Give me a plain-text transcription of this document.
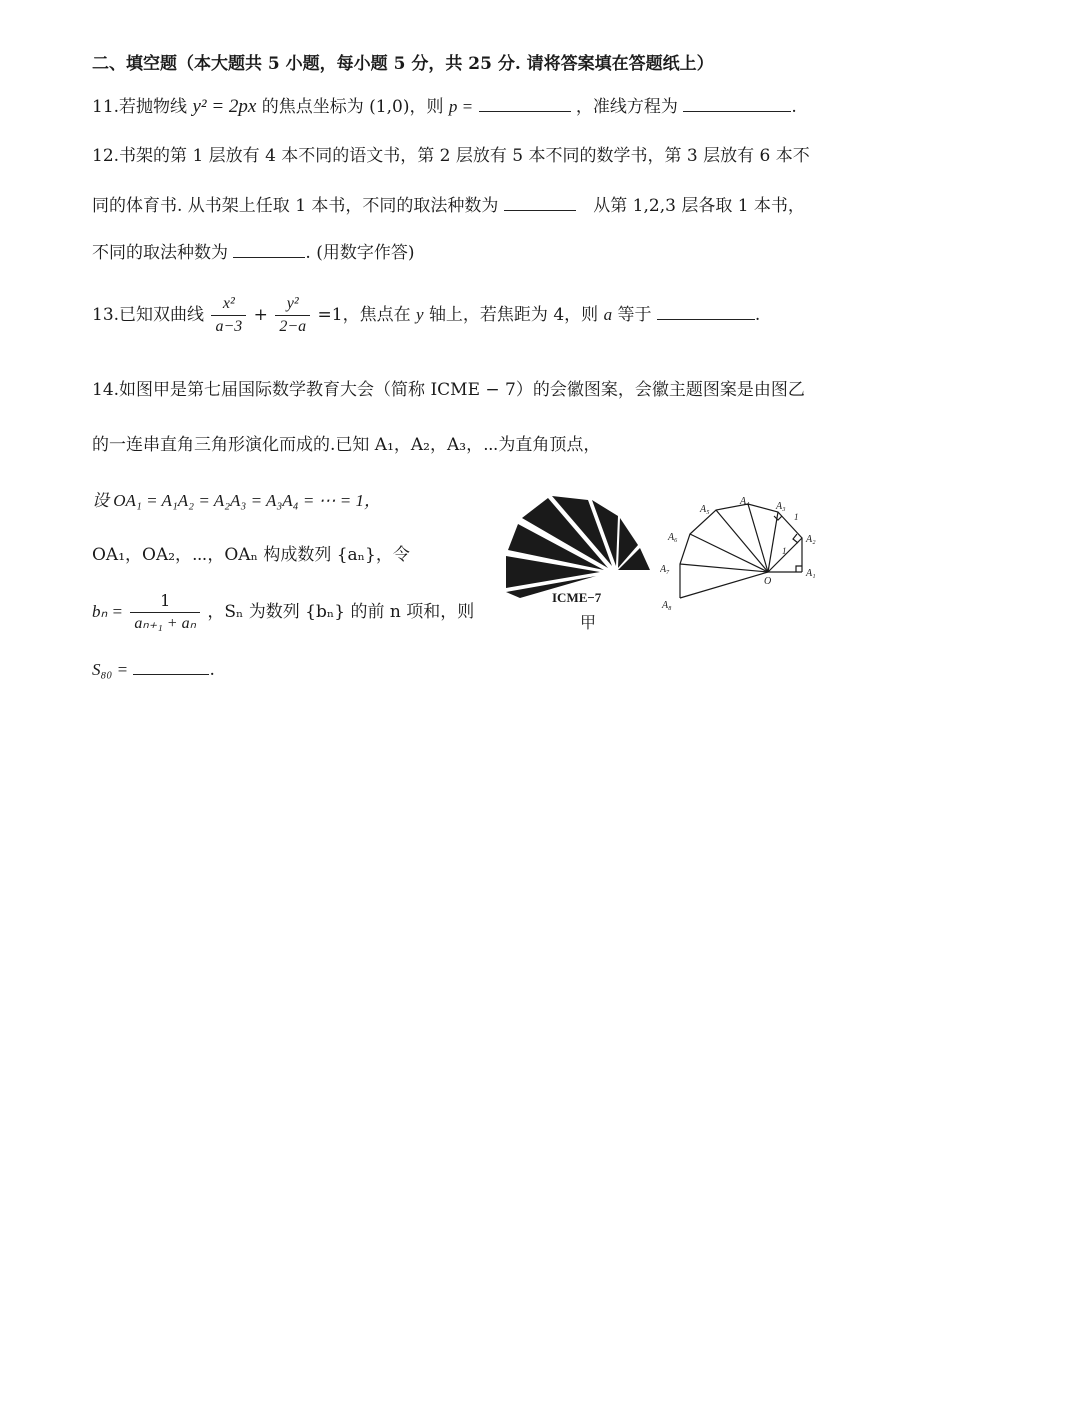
二、填空题（本大题共 5 小题，每小题 5 分，共 25 分. 请将答案填在答题纸上）
11.若抛物线 y² = 2px 的焦点坐标为 (1,0)，则 p =	，准线方程为	.
12.书架的第 1 层放有 4 本不同的语文书，第 2 层放有 5 本不同的数学书，第 3 层放有 6 本不
同的体育书. 从书架上任取 1 本书，不同的取法种数为	从第 1,2,3 层各取 1 本书，
不同的取法种数为	. (用数字作答)
13.已知双曲线 $\frac{\text{x²}}{a-3} + \frac{\text{y²}}{2-a} =1$，焦点在 y 轴上，若焦距为 4，则 a 等于	.
14.如图甲是第七届国际数学教育大会（简称 ICME − 7）的会徽图案，会徽主题图案是由图乙
的一连串直角三角形演化而成的.已知 A₁，A₂，A₃，⋯为直角顶点，
设 OA₁ = A₁A₂ = A₂A₃ = A₃A₄ = ⋯ = 1，
OA₁，OA₂，⋯，OAₙ 构成数列 {aₙ}，令
$b_n = \frac{1}{\text{aₙ₊₁ + aₙ}}$ ，Sₙ 为数列 {bₙ} 的前 n 项和，则
S₈₀ =	.
ICME−7
甲
A₁
A₂
A₃
A₄
A₅
A₆
A₇
A₈
O
1
1
